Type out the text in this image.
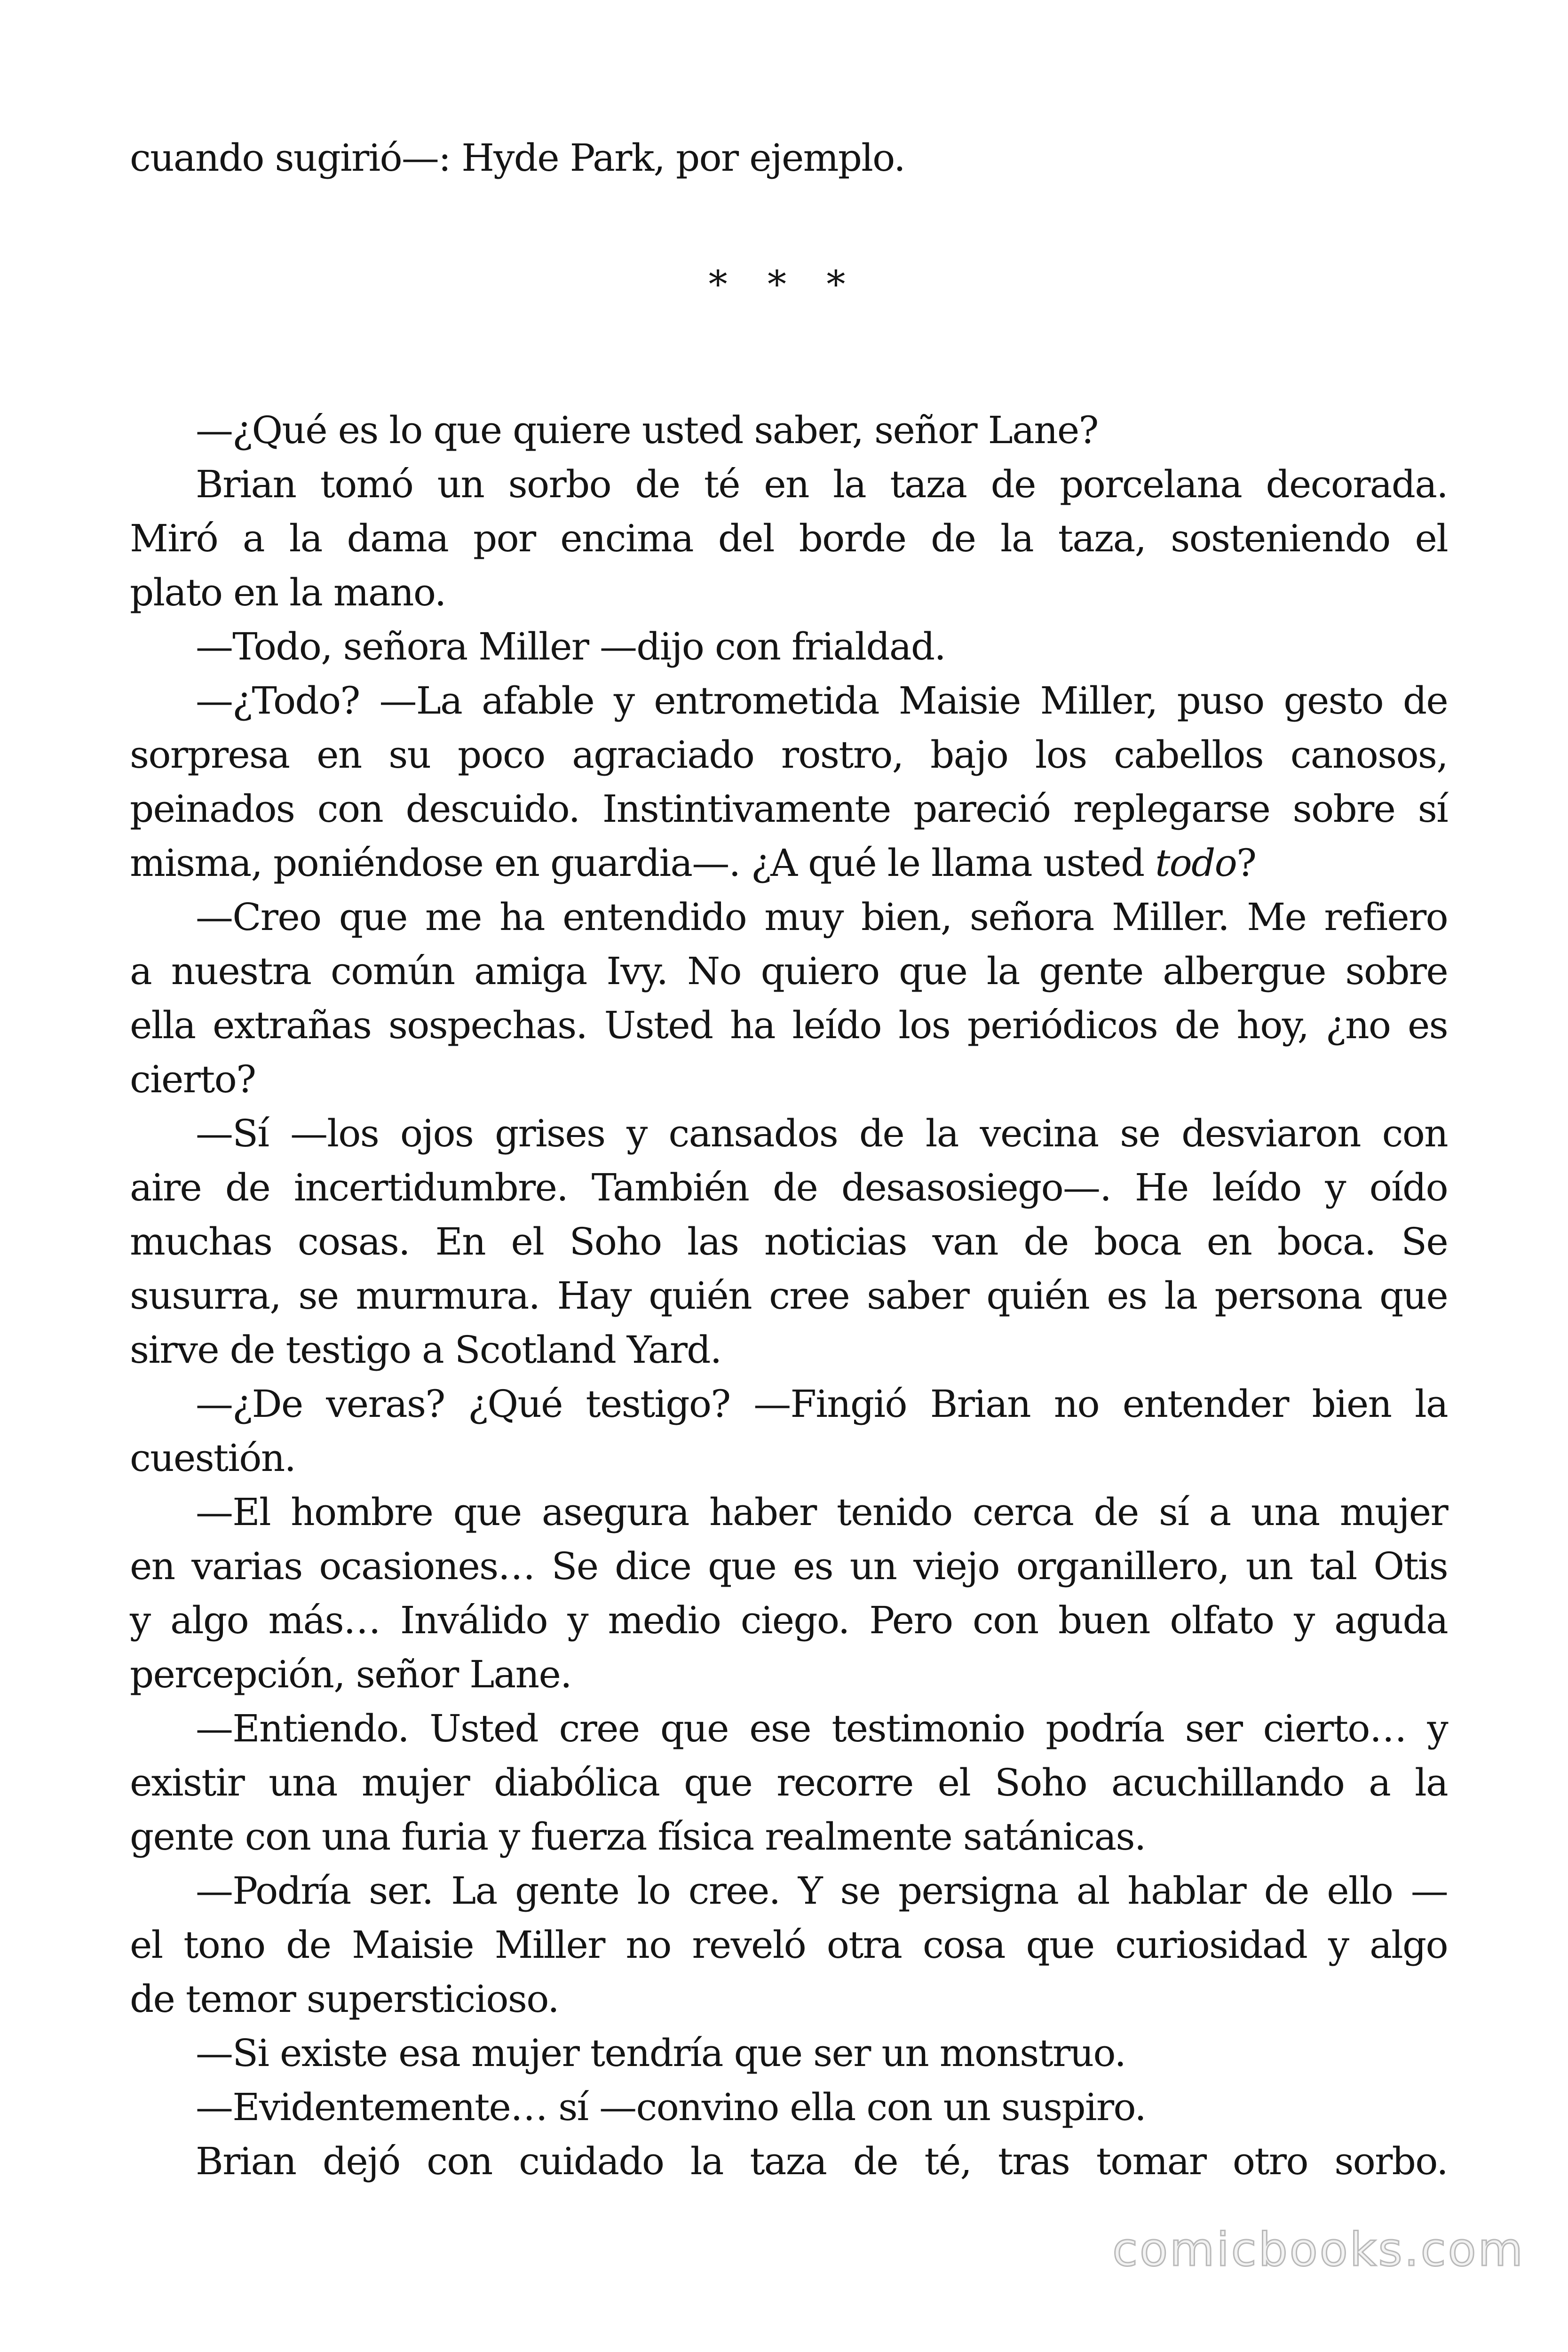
cuando sugirió—: Hyde Park, por ejemplo.
* * *
—¿Qué es lo que quiere usted saber, señor Lane?
Brian tomó un sorbo de té en la taza de porcelana decorada.
Miró a la dama por encima del borde de la taza, sosteniendo el
plato en la mano.
—Todo, señora Miller —dijo con frialdad.
—¿Todo? —La afable y entrometida Maisie Miller, puso gesto de
sorpresa en su poco agraciado rostro, bajo los cabellos canosos,
peinados con descuido. Instintivamente pareció replegarse sobre sí
misma, poniéndose en guardia—. ¿A qué le llama usted todo?
—Creo que me ha entendido muy bien, señora Miller. Me refiero
a nuestra común amiga Ivy. No quiero que la gente albergue sobre
ella extrañas sospechas. Usted ha leído los periódicos de hoy, ¿no es
cierto?
—Sí —los ojos grises y cansados de la vecina se desviaron con
aire de incertidumbre. También de desasosiego—. He leído y oído
muchas cosas. En el Soho las noticias van de boca en boca. Se
susurra, se murmura. Hay quién cree saber quién es la persona que
sirve de testigo a Scotland Yard.
—¿De veras? ¿Qué testigo? —Fingió Brian no entender bien la
cuestión.
—El hombre que asegura haber tenido cerca de sí a una mujer
en varias ocasiones… Se dice que es un viejo organillero, un tal Otis
y algo más… Inválido y medio ciego. Pero con buen olfato y aguda
percepción, señor Lane.
—Entiendo. Usted cree que ese testimonio podría ser cierto… y
existir una mujer diabólica que recorre el Soho acuchillando a la
gente con una furia y fuerza física realmente satánicas.
—Podría ser. La gente lo cree. Y se persigna al hablar de ello —
el tono de Maisie Miller no reveló otra cosa que curiosidad y algo
de temor supersticioso.
—Si existe esa mujer tendría que ser un monstruo.
—Evidentemente… sí —convino ella con un suspiro.
Brian dejó con cuidado la taza de té, tras tomar otro sorbo.
comicbooks.com
